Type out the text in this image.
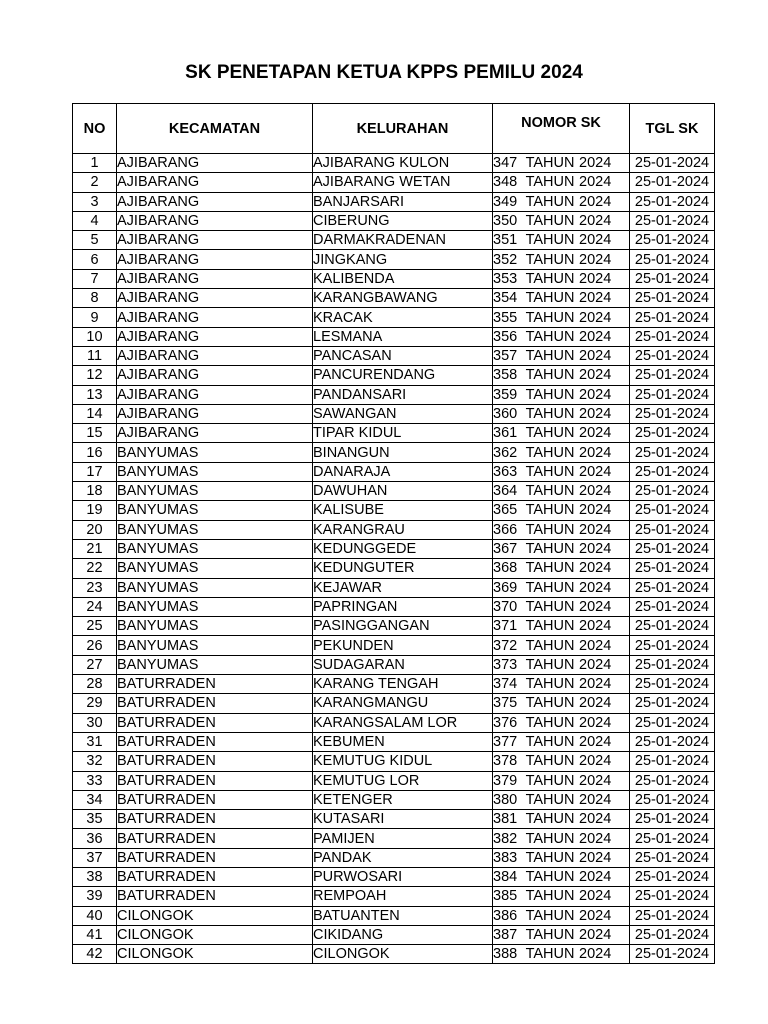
SK PENETAPAN KETUA KPPS PEMILU 2024
NO	KECAMATAN	KELURAHAN	NOMOR SK	TGL SK
1	AJIBARANG	AJIBARANG KULON	347 TAHUN 2024	25-01-2024
2	AJIBARANG	AJIBARANG WETAN	348 TAHUN 2024	25-01-2024
3	AJIBARANG	BANJARSARI	349 TAHUN 2024	25-01-2024
4	AJIBARANG	CIBERUNG	350 TAHUN 2024	25-01-2024
5	AJIBARANG	DARMAKRADENAN	351 TAHUN 2024	25-01-2024
6	AJIBARANG	JINGKANG	352 TAHUN 2024	25-01-2024
7	AJIBARANG	KALIBENDA	353 TAHUN 2024	25-01-2024
8	AJIBARANG	KARANGBAWANG	354 TAHUN 2024	25-01-2024
9	AJIBARANG	KRACAK	355 TAHUN 2024	25-01-2024
10	AJIBARANG	LESMANA	356 TAHUN 2024	25-01-2024
11	AJIBARANG	PANCASAN	357 TAHUN 2024	25-01-2024
12	AJIBARANG	PANCURENDANG	358 TAHUN 2024	25-01-2024
13	AJIBARANG	PANDANSARI	359 TAHUN 2024	25-01-2024
14	AJIBARANG	SAWANGAN	360 TAHUN 2024	25-01-2024
15	AJIBARANG	TIPAR KIDUL	361 TAHUN 2024	25-01-2024
16	BANYUMAS	BINANGUN	362 TAHUN 2024	25-01-2024
17	BANYUMAS	DANARAJA	363 TAHUN 2024	25-01-2024
18	BANYUMAS	DAWUHAN	364 TAHUN 2024	25-01-2024
19	BANYUMAS	KALISUBE	365 TAHUN 2024	25-01-2024
20	BANYUMAS	KARANGRAU	366 TAHUN 2024	25-01-2024
21	BANYUMAS	KEDUNGGEDE	367 TAHUN 2024	25-01-2024
22	BANYUMAS	KEDUNGUTER	368 TAHUN 2024	25-01-2024
23	BANYUMAS	KEJAWAR	369 TAHUN 2024	25-01-2024
24	BANYUMAS	PAPRINGAN	370 TAHUN 2024	25-01-2024
25	BANYUMAS	PASINGGANGAN	371 TAHUN 2024	25-01-2024
26	BANYUMAS	PEKUNDEN	372 TAHUN 2024	25-01-2024
27	BANYUMAS	SUDAGARAN	373 TAHUN 2024	25-01-2024
28	BATURRADEN	KARANG TENGAH	374 TAHUN 2024	25-01-2024
29	BATURRADEN	KARANGMANGU	375 TAHUN 2024	25-01-2024
30	BATURRADEN	KARANGSALAM LOR	376 TAHUN 2024	25-01-2024
31	BATURRADEN	KEBUMEN	377 TAHUN 2024	25-01-2024
32	BATURRADEN	KEMUTUG KIDUL	378 TAHUN 2024	25-01-2024
33	BATURRADEN	KEMUTUG LOR	379 TAHUN 2024	25-01-2024
34	BATURRADEN	KETENGER	380 TAHUN 2024	25-01-2024
35	BATURRADEN	KUTASARI	381 TAHUN 2024	25-01-2024
36	BATURRADEN	PAMIJEN	382 TAHUN 2024	25-01-2024
37	BATURRADEN	PANDAK	383 TAHUN 2024	25-01-2024
38	BATURRADEN	PURWOSARI	384 TAHUN 2024	25-01-2024
39	BATURRADEN	REMPOAH	385 TAHUN 2024	25-01-2024
40	CILONGOK	BATUANTEN	386 TAHUN 2024	25-01-2024
41	CILONGOK	CIKIDANG	387 TAHUN 2024	25-01-2024
42	CILONGOK	CILONGOK	388 TAHUN 2024	25-01-2024
